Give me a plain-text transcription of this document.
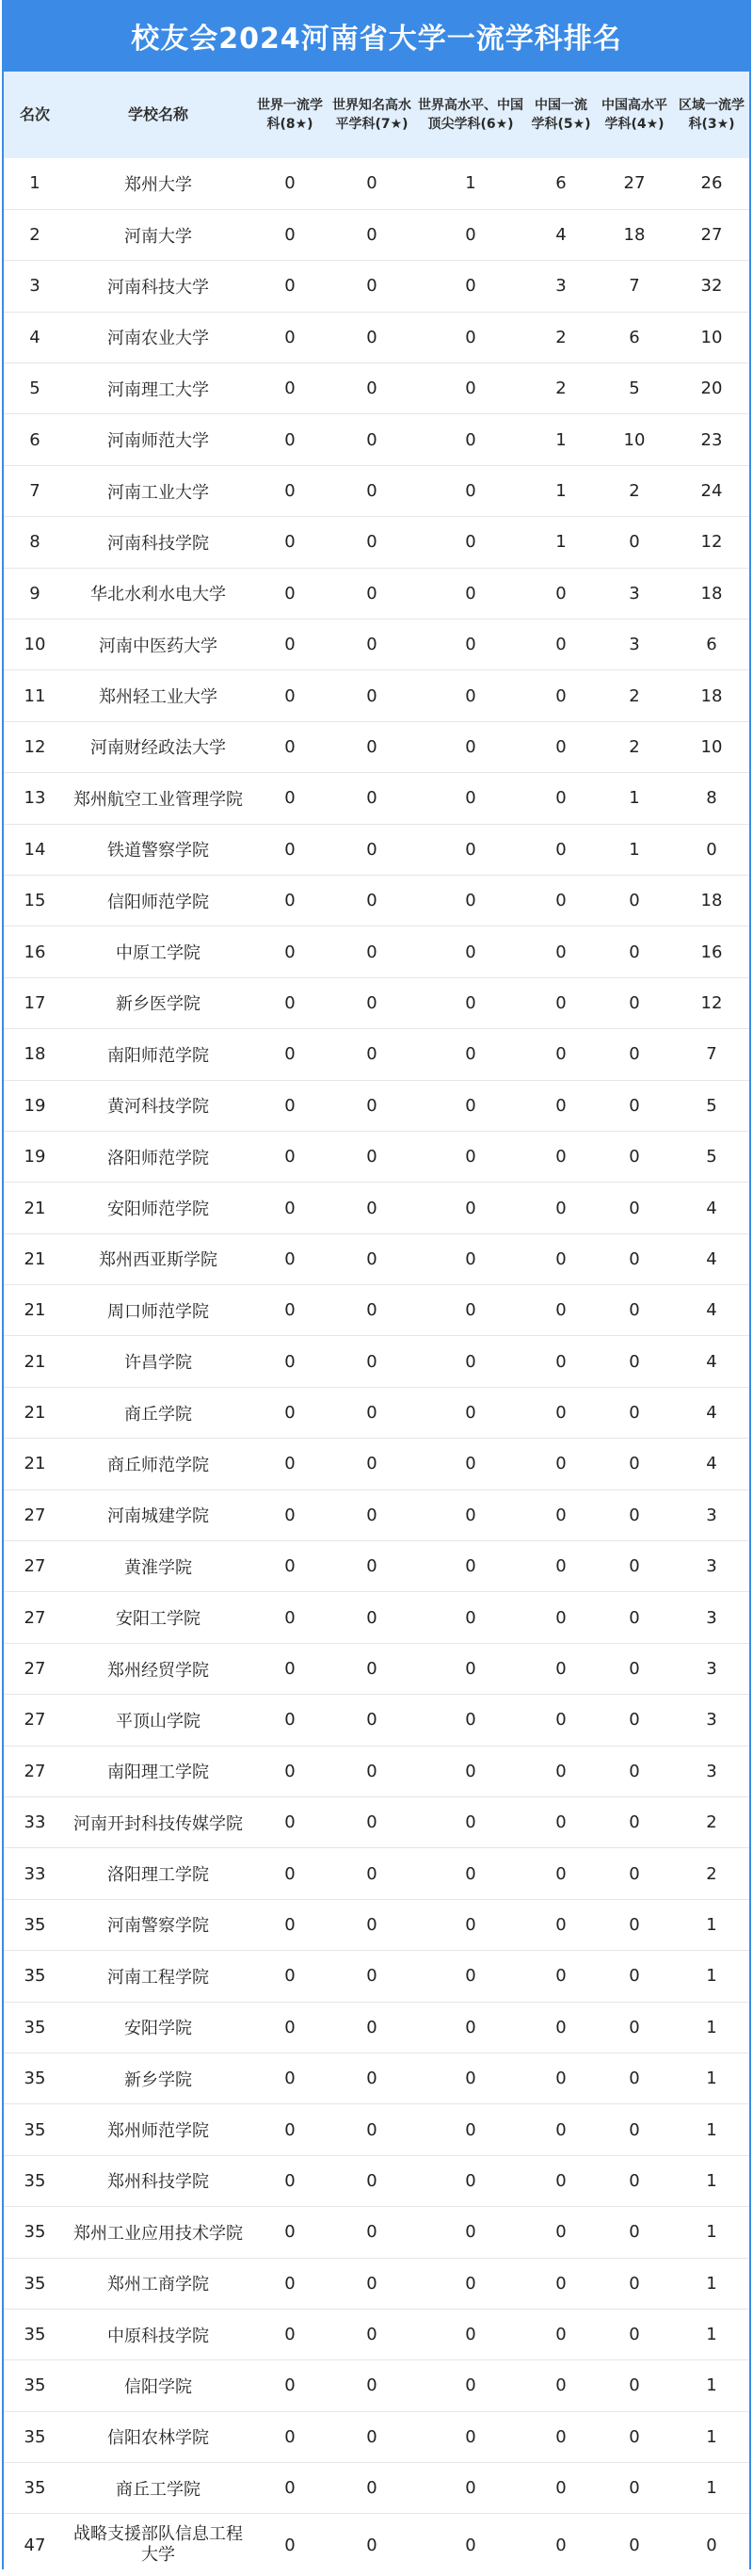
校友会2024河南省大学一流学科排名
名次	学校名称	世界一流学科(8★)	世界知名高水平学科(7★)	世界高水平、中国顶尖学科(6★)	中国一流学科(5★)	中国高水平学科(4★)	区域一流学科(3★)
1	郑州大学	0	0	1	6	27	26
2	河南大学	0	0	0	4	18	27
3	河南科技大学	0	0	0	3	7	32
4	河南农业大学	0	0	0	2	6	10
5	河南理工大学	0	0	0	2	5	20
6	河南师范大学	0	0	0	1	10	23
7	河南工业大学	0	0	0	1	2	24
8	河南科技学院	0	0	0	1	0	12
9	华北水利水电大学	0	0	0	0	3	18
10	河南中医药大学	0	0	0	0	3	6
11	郑州轻工业大学	0	0	0	0	2	18
12	河南财经政法大学	0	0	0	0	2	10
13	郑州航空工业管理学院	0	0	0	0	1	8
14	铁道警察学院	0	0	0	0	1	0
15	信阳师范学院	0	0	0	0	0	18
16	中原工学院	0	0	0	0	0	16
17	新乡医学院	0	0	0	0	0	12
18	南阳师范学院	0	0	0	0	0	7
19	黄河科技学院	0	0	0	0	0	5
19	洛阳师范学院	0	0	0	0	0	5
21	安阳师范学院	0	0	0	0	0	4
21	郑州西亚斯学院	0	0	0	0	0	4
21	周口师范学院	0	0	0	0	0	4
21	许昌学院	0	0	0	0	0	4
21	商丘学院	0	0	0	0	0	4
21	商丘师范学院	0	0	0	0	0	4
27	河南城建学院	0	0	0	0	0	3
27	黄淮学院	0	0	0	0	0	3
27	安阳工学院	0	0	0	0	0	3
27	郑州经贸学院	0	0	0	0	0	3
27	平顶山学院	0	0	0	0	0	3
27	南阳理工学院	0	0	0	0	0	3
33	河南开封科技传媒学院	0	0	0	0	0	2
33	洛阳理工学院	0	0	0	0	0	2
35	河南警察学院	0	0	0	0	0	1
35	河南工程学院	0	0	0	0	0	1
35	安阳学院	0	0	0	0	0	1
35	新乡学院	0	0	0	0	0	1
35	郑州师范学院	0	0	0	0	0	1
35	郑州科技学院	0	0	0	0	0	1
35	郑州工业应用技术学院	0	0	0	0	0	1
35	郑州工商学院	0	0	0	0	0	1
35	中原科技学院	0	0	0	0	0	1
35	信阳学院	0	0	0	0	0	1
35	信阳农林学院	0	0	0	0	0	1
35	商丘工学院	0	0	0	0	0	1
47	战略支援部队信息工程大学	0	0	0	0	0	0
